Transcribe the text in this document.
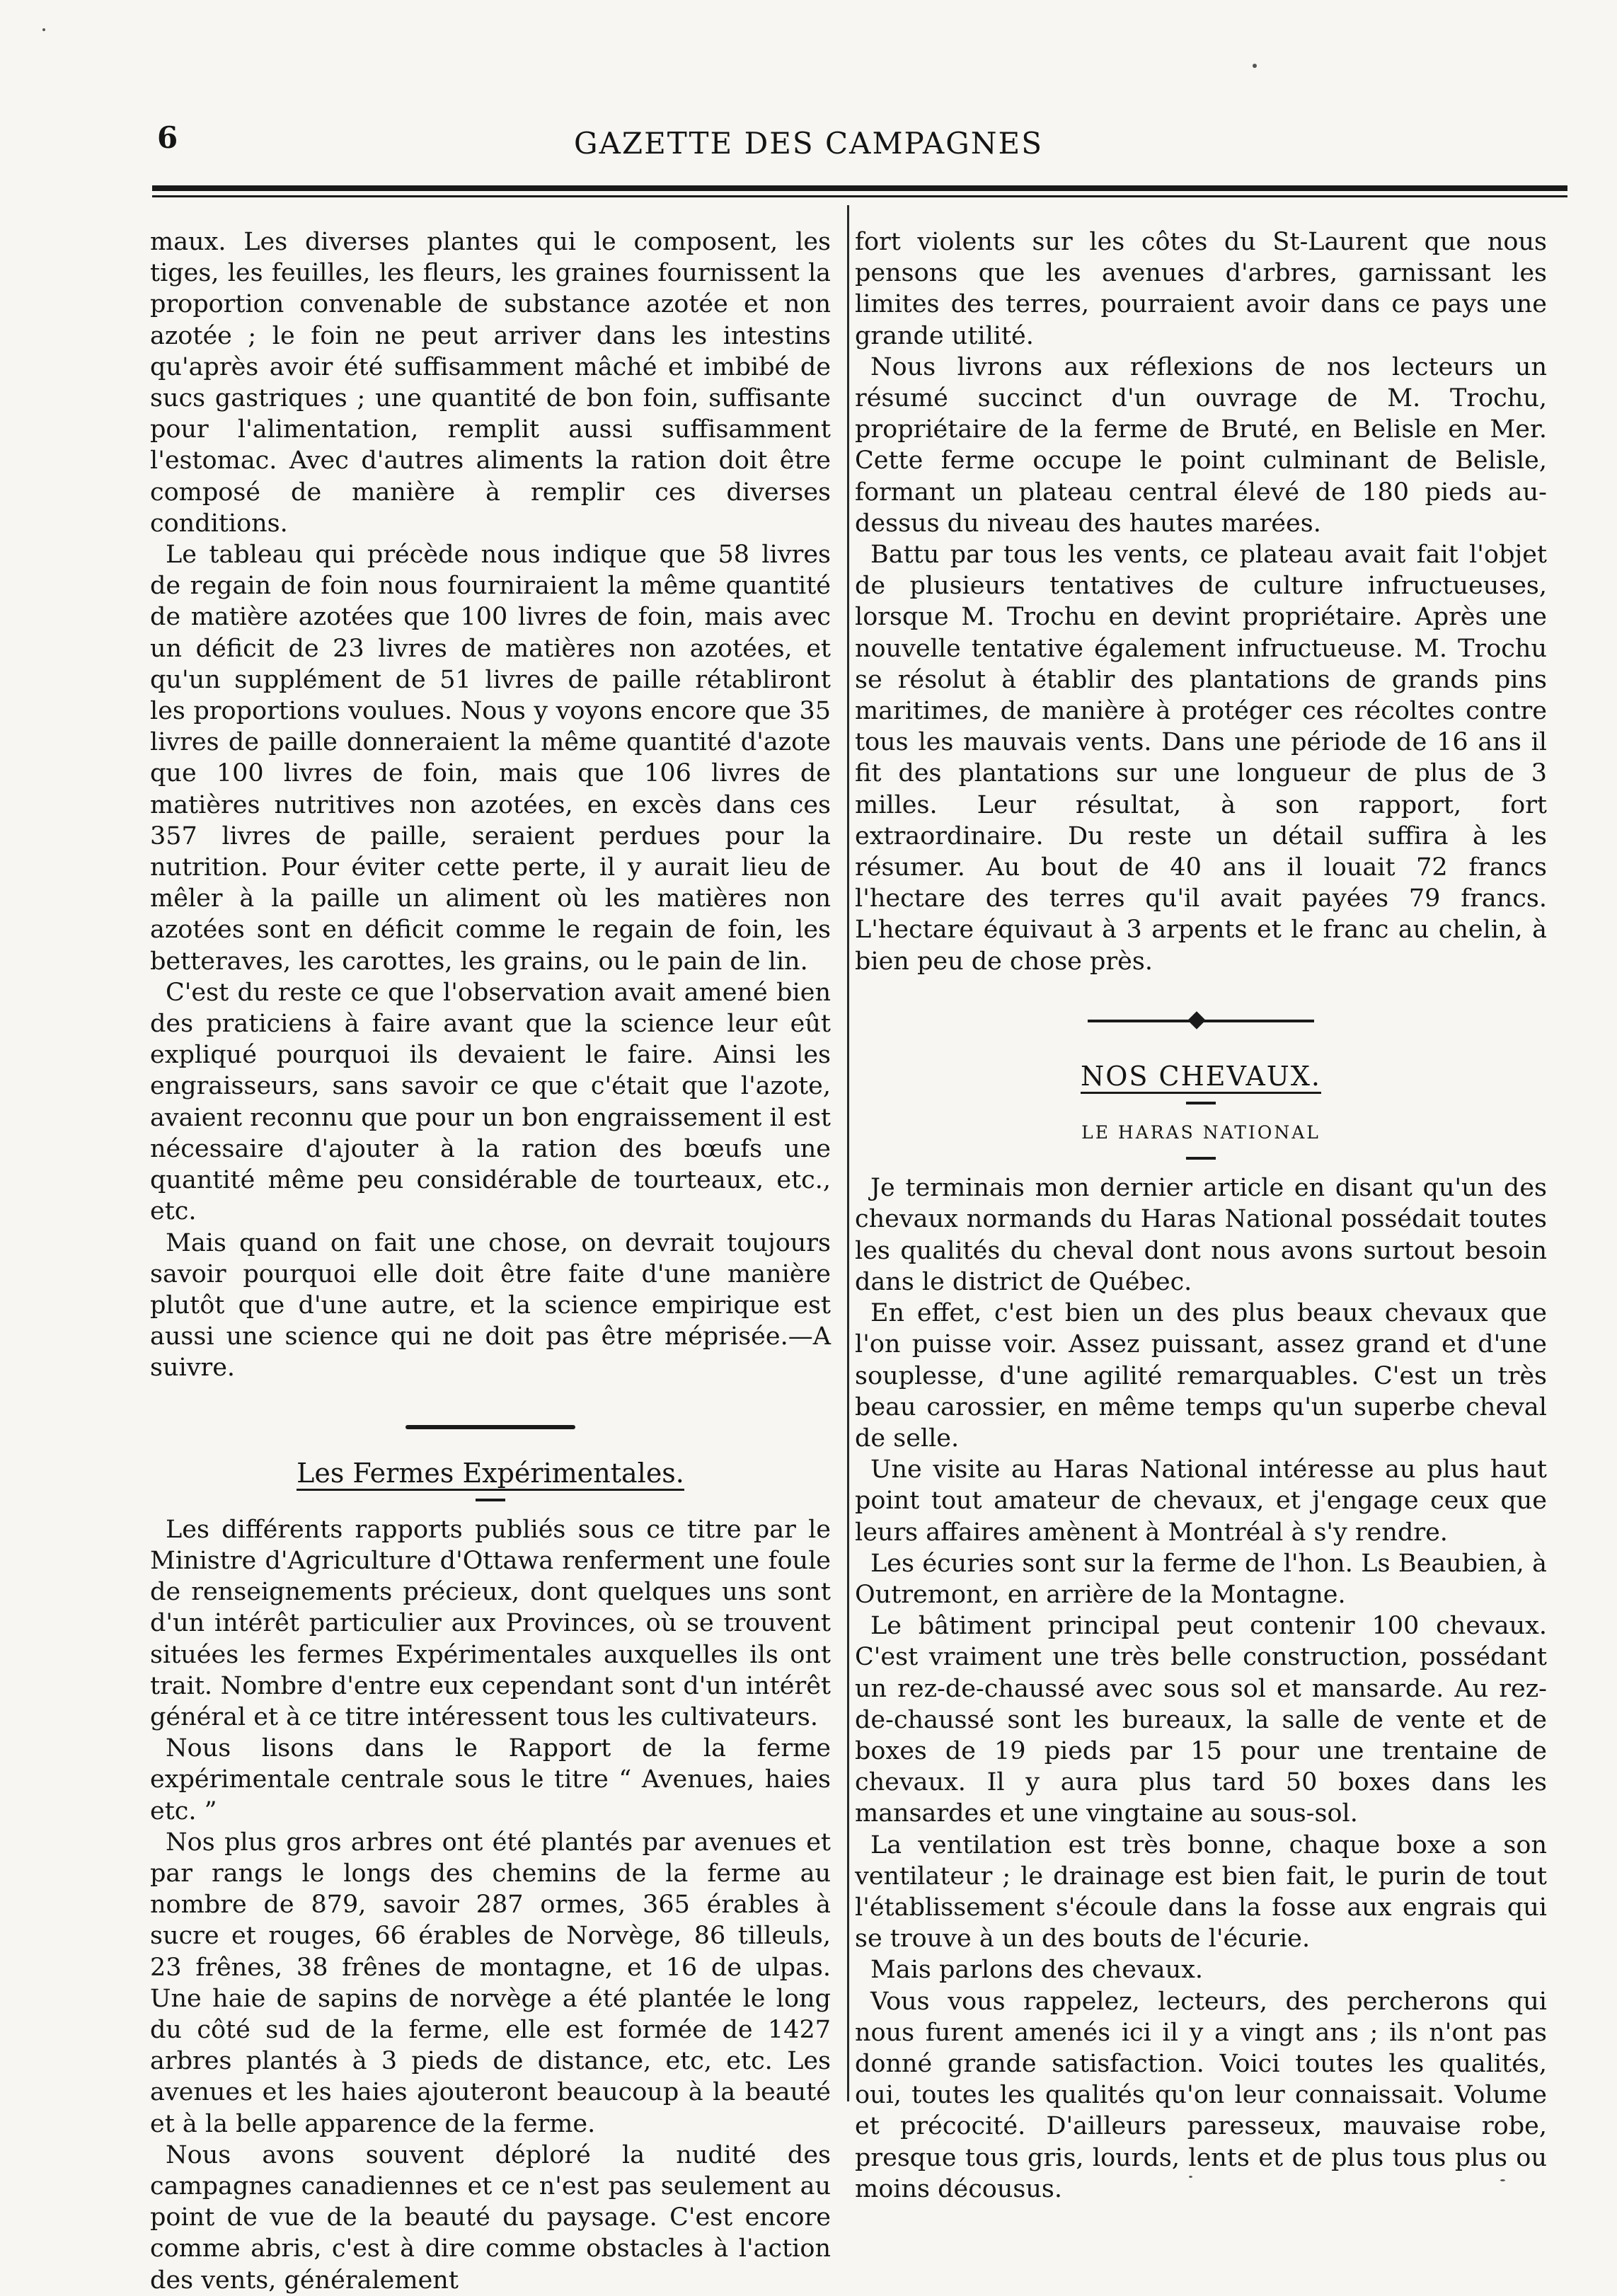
6	GAZETTE DES CAMPAGNES

maux. Les diverses plantes qui le composent, les tiges, les feuilles, les fleurs, les graines fournissent la proportion convenable de substance azotée et non azotée ; le foin ne peut arriver dans les intestins qu'après avoir été suffisamment mâché et imbibé de sucs gastriques ; une quantité de bon foin, suffisante pour l'alimentation, remplit aussi suffisamment l'estomac. Avec d'autres aliments la ration doit être composé de manière à remplir ces diverses conditions.

Le tableau qui précède nous indique que 58 livres de regain de foin nous fourniraient la même quantité de matière azotées que 100 livres de foin, mais avec un déficit de 23 livres de matières non azotées, et qu'un supplément de 51 livres de paille rétabliront les proportions voulues. Nous y voyons encore que 35 livres de paille donneraient la même quantité d'azote que 100 livres de foin, mais que 106 livres de matières nutritives non azotées, en excès dans ces 357 livres de paille, seraient perdues pour la nutrition. Pour éviter cette perte, il y aurait lieu de mêler à la paille un aliment où les matières non azotées sont en déficit comme le regain de foin, les betteraves, les carottes, les grains, ou le pain de lin.

C'est du reste ce que l'observation avait amené bien des praticiens à faire avant que la science leur eût expliqué pourquoi ils devaient le faire. Ainsi les engraisseurs, sans savoir ce que c'était que l'azote, avaient reconnu que pour un bon engraissement il est nécessaire d'ajouter à la ration des bœufs une quantité même peu considérable de tourteaux, etc., etc.

Mais quand on fait une chose, on devrait toujours savoir pourquoi elle doit être faite d'une manière plutôt que d'une autre, et la science empirique est aussi une science qui ne doit pas être méprisée.—A suivre.

Les Fermes Expérimentales.

Les différents rapports publiés sous ce titre par le Ministre d'Agriculture d'Ottawa renferment une foule de renseignements précieux, dont quelques uns sont d'un intérêt particulier aux Provinces, où se trouvent situées les fermes Expérimentales auxquelles ils ont trait. Nombre d'entre eux cependant sont d'un intérêt général et à ce titre intéressent tous les cultivateurs.

Nous lisons dans le Rapport de la ferme expérimentale centrale sous le titre “ Avenues, haies etc. ”

Nos plus gros arbres ont été plantés par avenues et par rangs le longs des chemins de la ferme au nombre de 879, savoir 287 ormes, 365 érables à sucre et rouges, 66 érables de Norvège, 86 tilleuls, 23 frênes, 38 frênes de montagne, et 16 de ulpas. Une haie de sapins de norvège a été plantée le long du côté sud de la ferme, elle est formée de 1427 arbres plantés à 3 pieds de distance, etc, etc. Les avenues et les haies ajouteront beaucoup à la beauté et à la belle apparence de la ferme.

Nous avons souvent déploré la nudité des campagnes canadiennes et ce n'est pas seulement au point de vue de la beauté du paysage. C'est encore comme abris, c'est à dire comme obstacles à l'action des vents, généralement

fort violents sur les côtes du St-Laurent que nous pensons que les avenues d'arbres, garnissant les limites des terres, pourraient avoir dans ce pays une grande utilité.

Nous livrons aux réflexions de nos lecteurs un résumé succinct d'un ouvrage de M. Trochu, propriétaire de la ferme de Bruté, en Belisle en Mer. Cette ferme occupe le point culminant de Belisle, formant un plateau central élevé de 180 pieds au-dessus du niveau des hautes marées.

Battu par tous les vents, ce plateau avait fait l'objet de plusieurs tentatives de culture infructueuses, lorsque M. Trochu en devint propriétaire. Après une nouvelle tentative également infructueuse. M. Trochu se résolut à établir des plantations de grands pins maritimes, de manière à protéger ces récoltes contre tous les mauvais vents. Dans une période de 16 ans il fit des plantations sur une longueur de plus de 3 milles. Leur résultat, à son rapport, fort extraordinaire. Du reste un détail suffira à les résumer. Au bout de 40 ans il louait 72 francs l'hectare des terres qu'il avait payées 79 francs. L'hectare équivaut à 3 arpents et le franc au chelin, à bien peu de chose près.

NOS CHEVAUX.
LE HARAS NATIONAL

Je terminais mon dernier article en disant qu'un des chevaux normands du Haras National possédait toutes les qualités du cheval dont nous avons surtout besoin dans le district de Québec.

En effet, c'est bien un des plus beaux chevaux que l'on puisse voir. Assez puissant, assez grand et d'une souplesse, d'une agilité remarquables. C'est un très beau carossier, en même temps qu'un superbe cheval de selle.

Une visite au Haras National intéresse au plus haut point tout amateur de chevaux, et j'engage ceux que leurs affaires amènent à Montréal à s'y rendre.

Les écuries sont sur la ferme de l'hon. Ls Beaubien, à Outremont, en arrière de la Montagne.

Le bâtiment principal peut contenir 100 chevaux. C'est vraiment une très belle construction, possédant un rez-de-chaussé avec sous sol et mansarde. Au rez-de-chaussé sont les bureaux, la salle de vente et de boxes de 19 pieds par 15 pour une trentaine de chevaux. Il y aura plus tard 50 boxes dans les mansardes et une vingtaine au sous-sol.

La ventilation est très bonne, chaque boxe a son ventilateur ; le drainage est bien fait, le purin de tout l'établissement s'écoule dans la fosse aux engrais qui se trouve à un des bouts de l'écurie.

Mais parlons des chevaux.

Vous vous rappelez, lecteurs, des percherons qui nous furent amenés ici il y a vingt ans ; ils n'ont pas donné grande satisfaction. Voici toutes les qualités, oui, toutes les qualités qu'on leur connaissait. Volume et précocité. D'ailleurs paresseux, mauvaise robe, presque tous gris, lourds, lents et de plus tous plus ou moins décousus.
